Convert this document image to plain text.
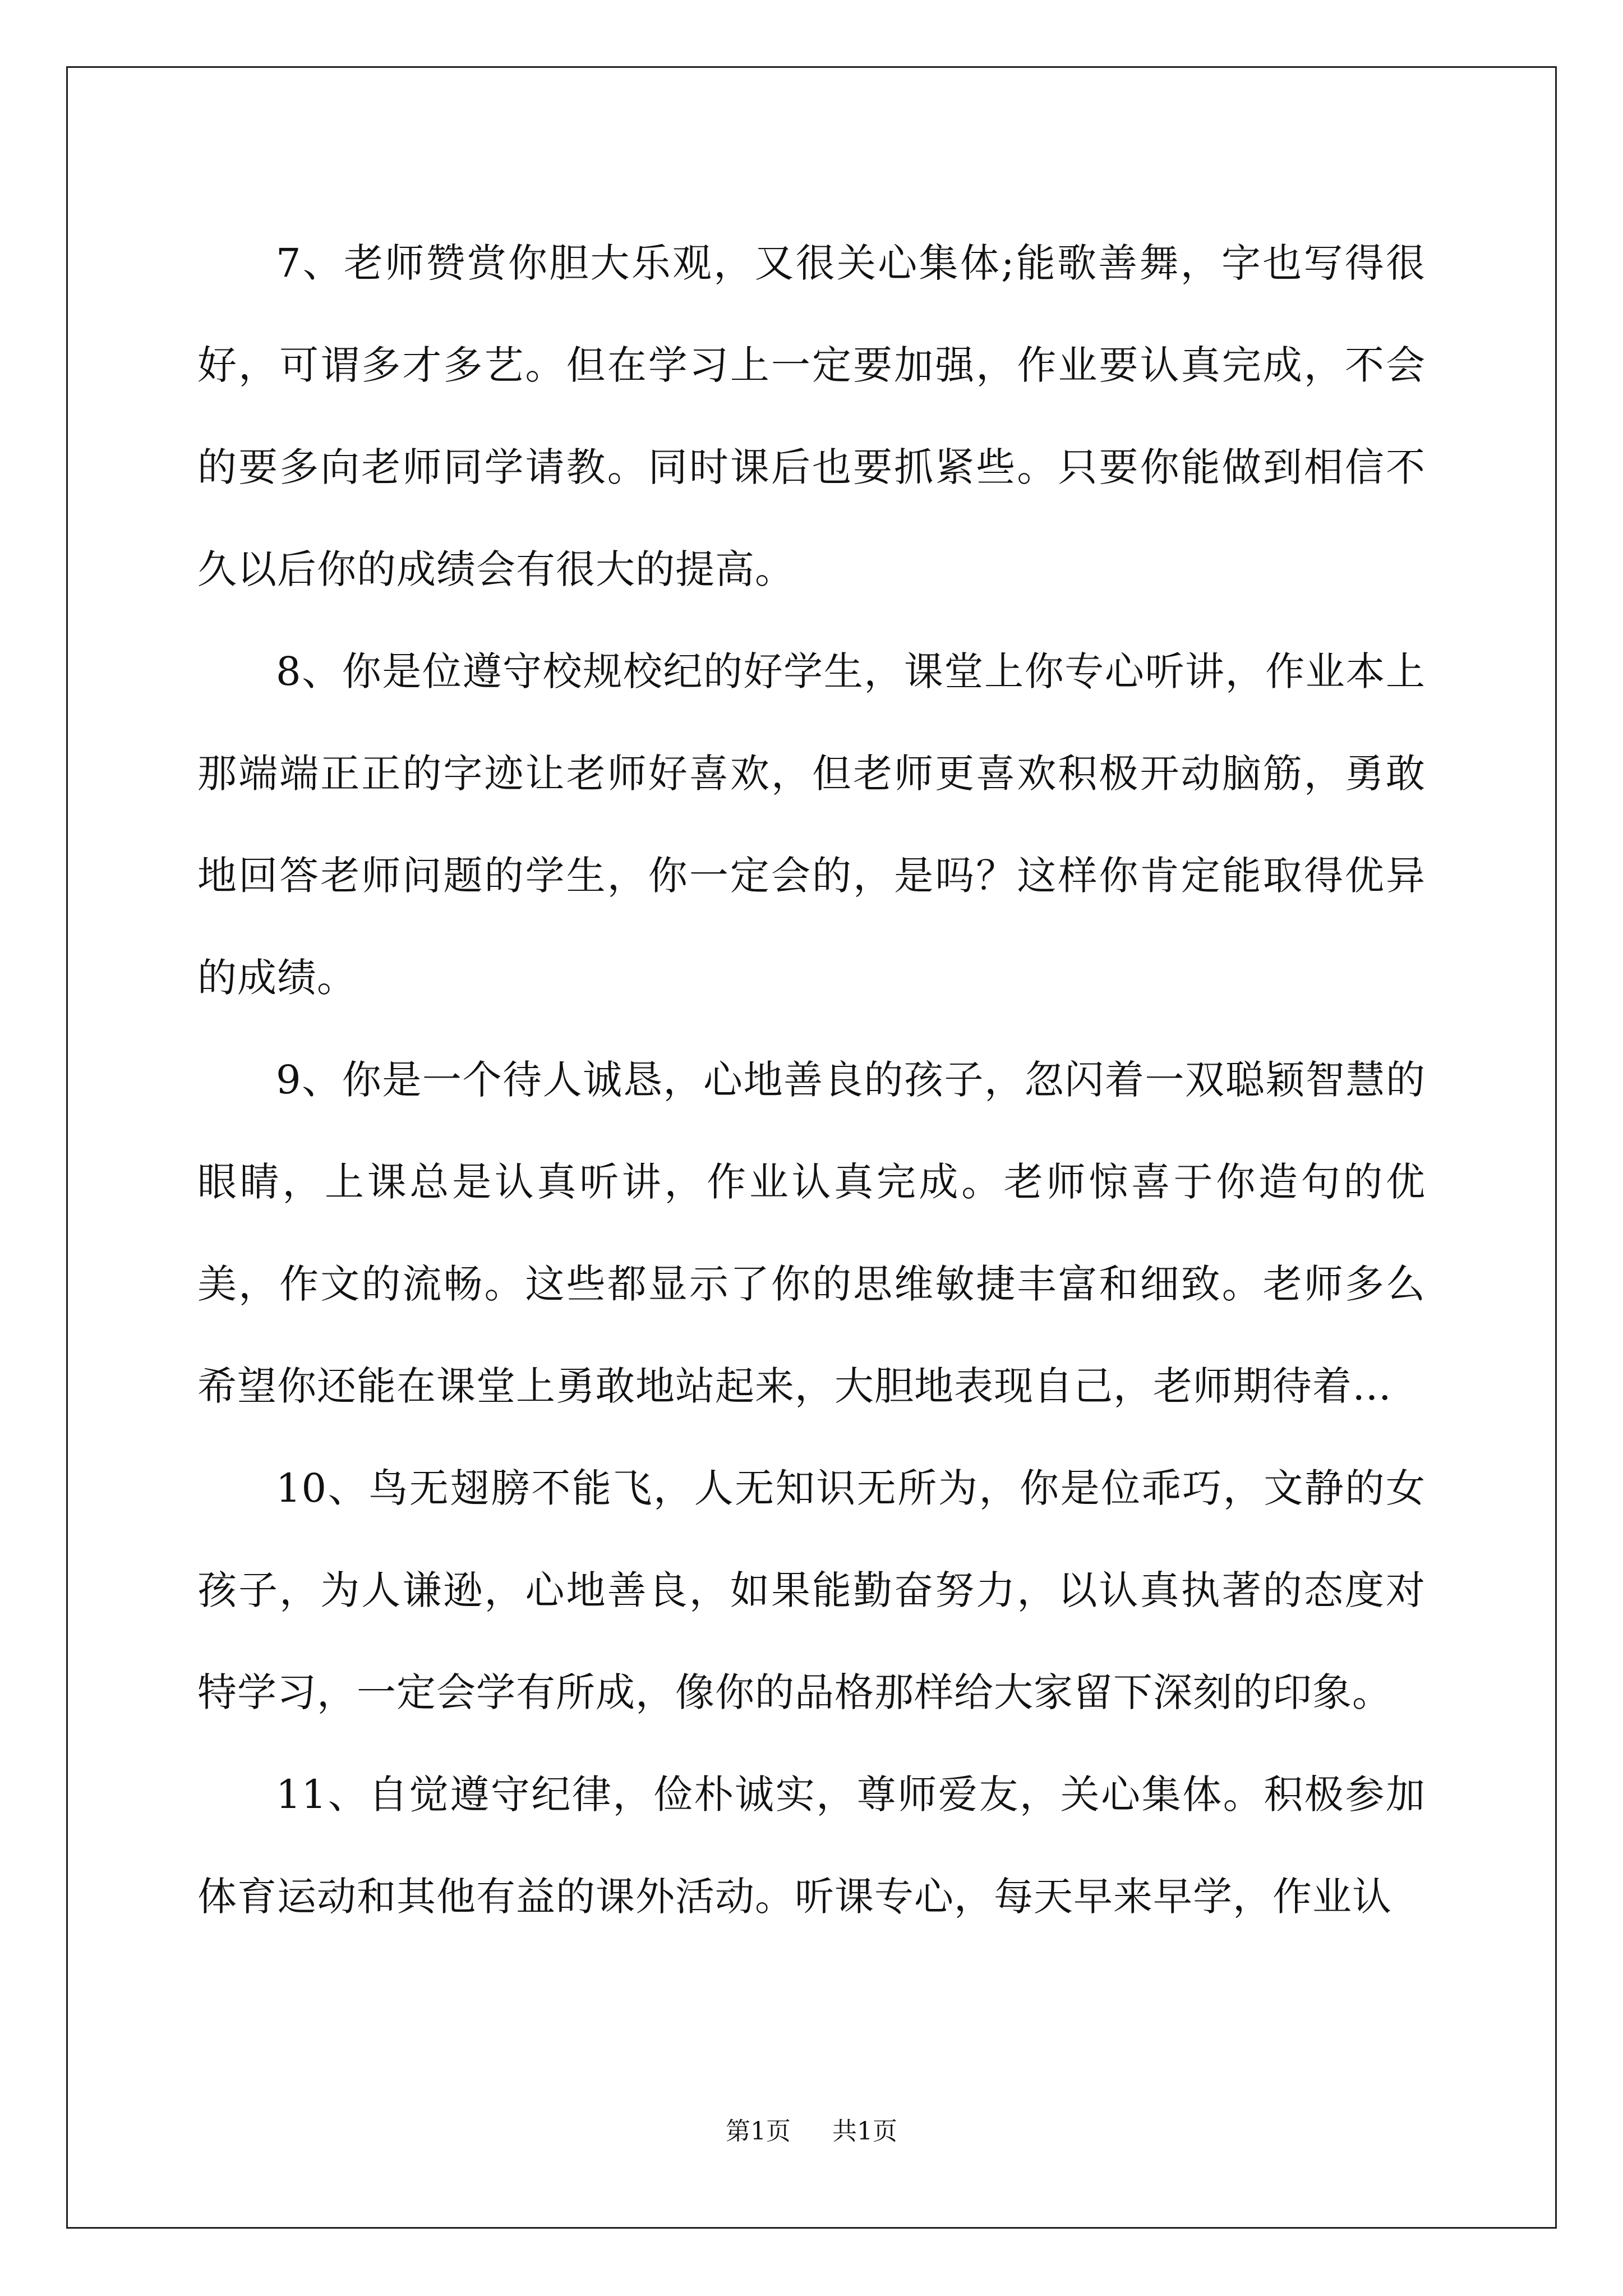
7、老师赞赏你胆大乐观，又很关心集体;能歌善舞，字也写得很好，可谓多才多艺。但在学习上一定要加强，作业要认真完成，不会的要多向老师同学请教。同时课后也要抓紧些。只要你能做到相信不久以后你的成绩会有很大的提高。

8、你是位遵守校规校纪的好学生，课堂上你专心听讲，作业本上那端端正正的字迹让老师好喜欢，但老师更喜欢积极开动脑筋，勇敢地回答老师问题的学生，你一定会的，是吗？这样你肯定能取得优异的成绩。

9、你是一个待人诚恳，心地善良的孩子，忽闪着一双聪颖智慧的眼睛，上课总是认真听讲，作业认真完成。老师惊喜于你造句的优美，作文的流畅。这些都显示了你的思维敏捷丰富和细致。老师多么希望你还能在课堂上勇敢地站起来，大胆地表现自己，老师期待着…

10、鸟无翅膀不能飞，人无知识无所为，你是位乖巧，文静的女孩子，为人谦逊，心地善良，如果能勤奋努力，以认真执著的态度对特学习，一定会学有所成，像你的品格那样给大家留下深刻的印象。

11、自觉遵守纪律，俭朴诚实，尊师爱友，关心集体。积极参加体育运动和其他有益的课外活动。听课专心，每天早来早学，作业认

第1页 共1页
